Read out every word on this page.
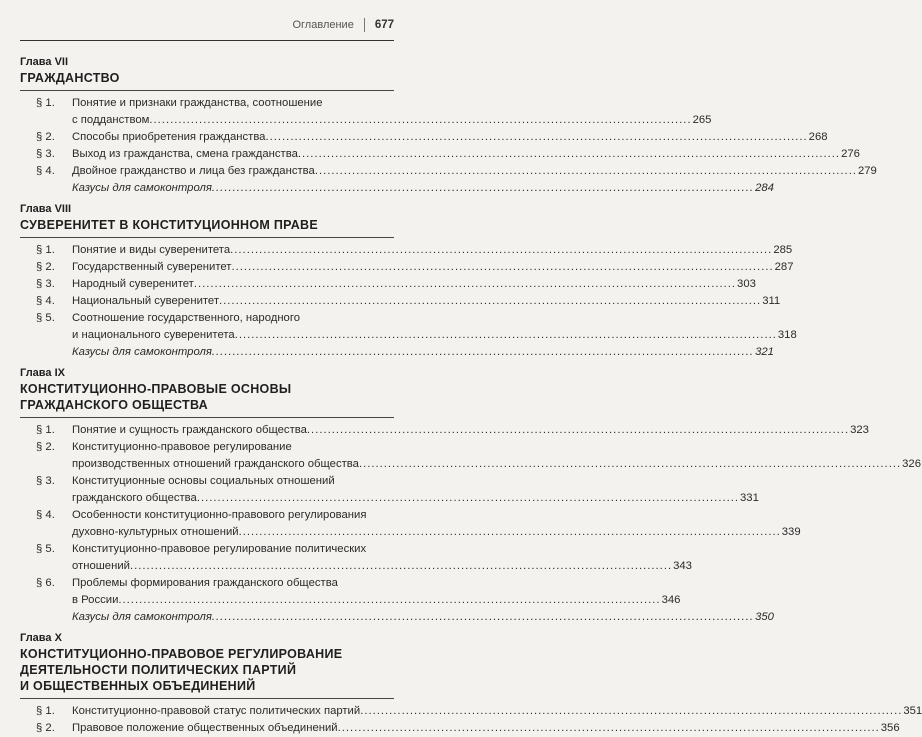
Оглавление 677
Глава VII
ГРАЖДАНСТВО
§ 1.	Понятие и признаки гражданства, соотношение
с подданством .....	265
§ 2.	Способы приобретения гражданства .....	268
§ 3.	Выход из гражданства, смена гражданства .....	276
§ 4.	Двойное гражданство и лица без гражданства .....	279
Казусы для самоконтроля .....	284
Глава VIII
СУВЕРЕНИТЕТ В КОНСТИТУЦИОННОМ ПРАВЕ
§ 1.	Понятие и виды суверенитета .....	285
§ 2.	Государственный суверенитет .....	287
§ 3.	Народный суверенитет .....	303
§ 4.	Национальный суверенитет .....	311
§ 5.	Соотношение государственного, народного
и национального суверенитета .....	318
Казусы для самоконтроля .....	321
Глава IX
КОНСТИТУЦИОННО-ПРАВОВЫЕ ОСНОВЫ
ГРАЖДАНСКОГО ОБЩЕСТВА
§ 1.	Понятие и сущность гражданского общества .....	323
§ 2.	Конституционно-правовое регулирование
производственных отношений гражданского общества .....	326
§ 3.	Конституционные основы социальных отношений
гражданского общества .....	331
§ 4.	Особенности конституционно-правового регулирования
духовно-культурных отношений .....	339
§ 5.	Конституционно-правовое регулирование политических
отношений .....	343
§ 6.	Проблемы формирования гражданского общества
в России .....	346
Казусы для самоконтроля .....	350
Глава X
КОНСТИТУЦИОННО-ПРАВОВОЕ РЕГУЛИРОВАНИЕ
ДЕЯТЕЛЬНОСТИ ПОЛИТИЧЕСКИХ ПАРТИЙ
И ОБЩЕСТВЕННЫХ ОБЪЕДИНЕНИЙ
§ 1.	Конституционно-правовой статус политических партий .....	351
§ 2.	Правовое положение общественных объединений .....	356
